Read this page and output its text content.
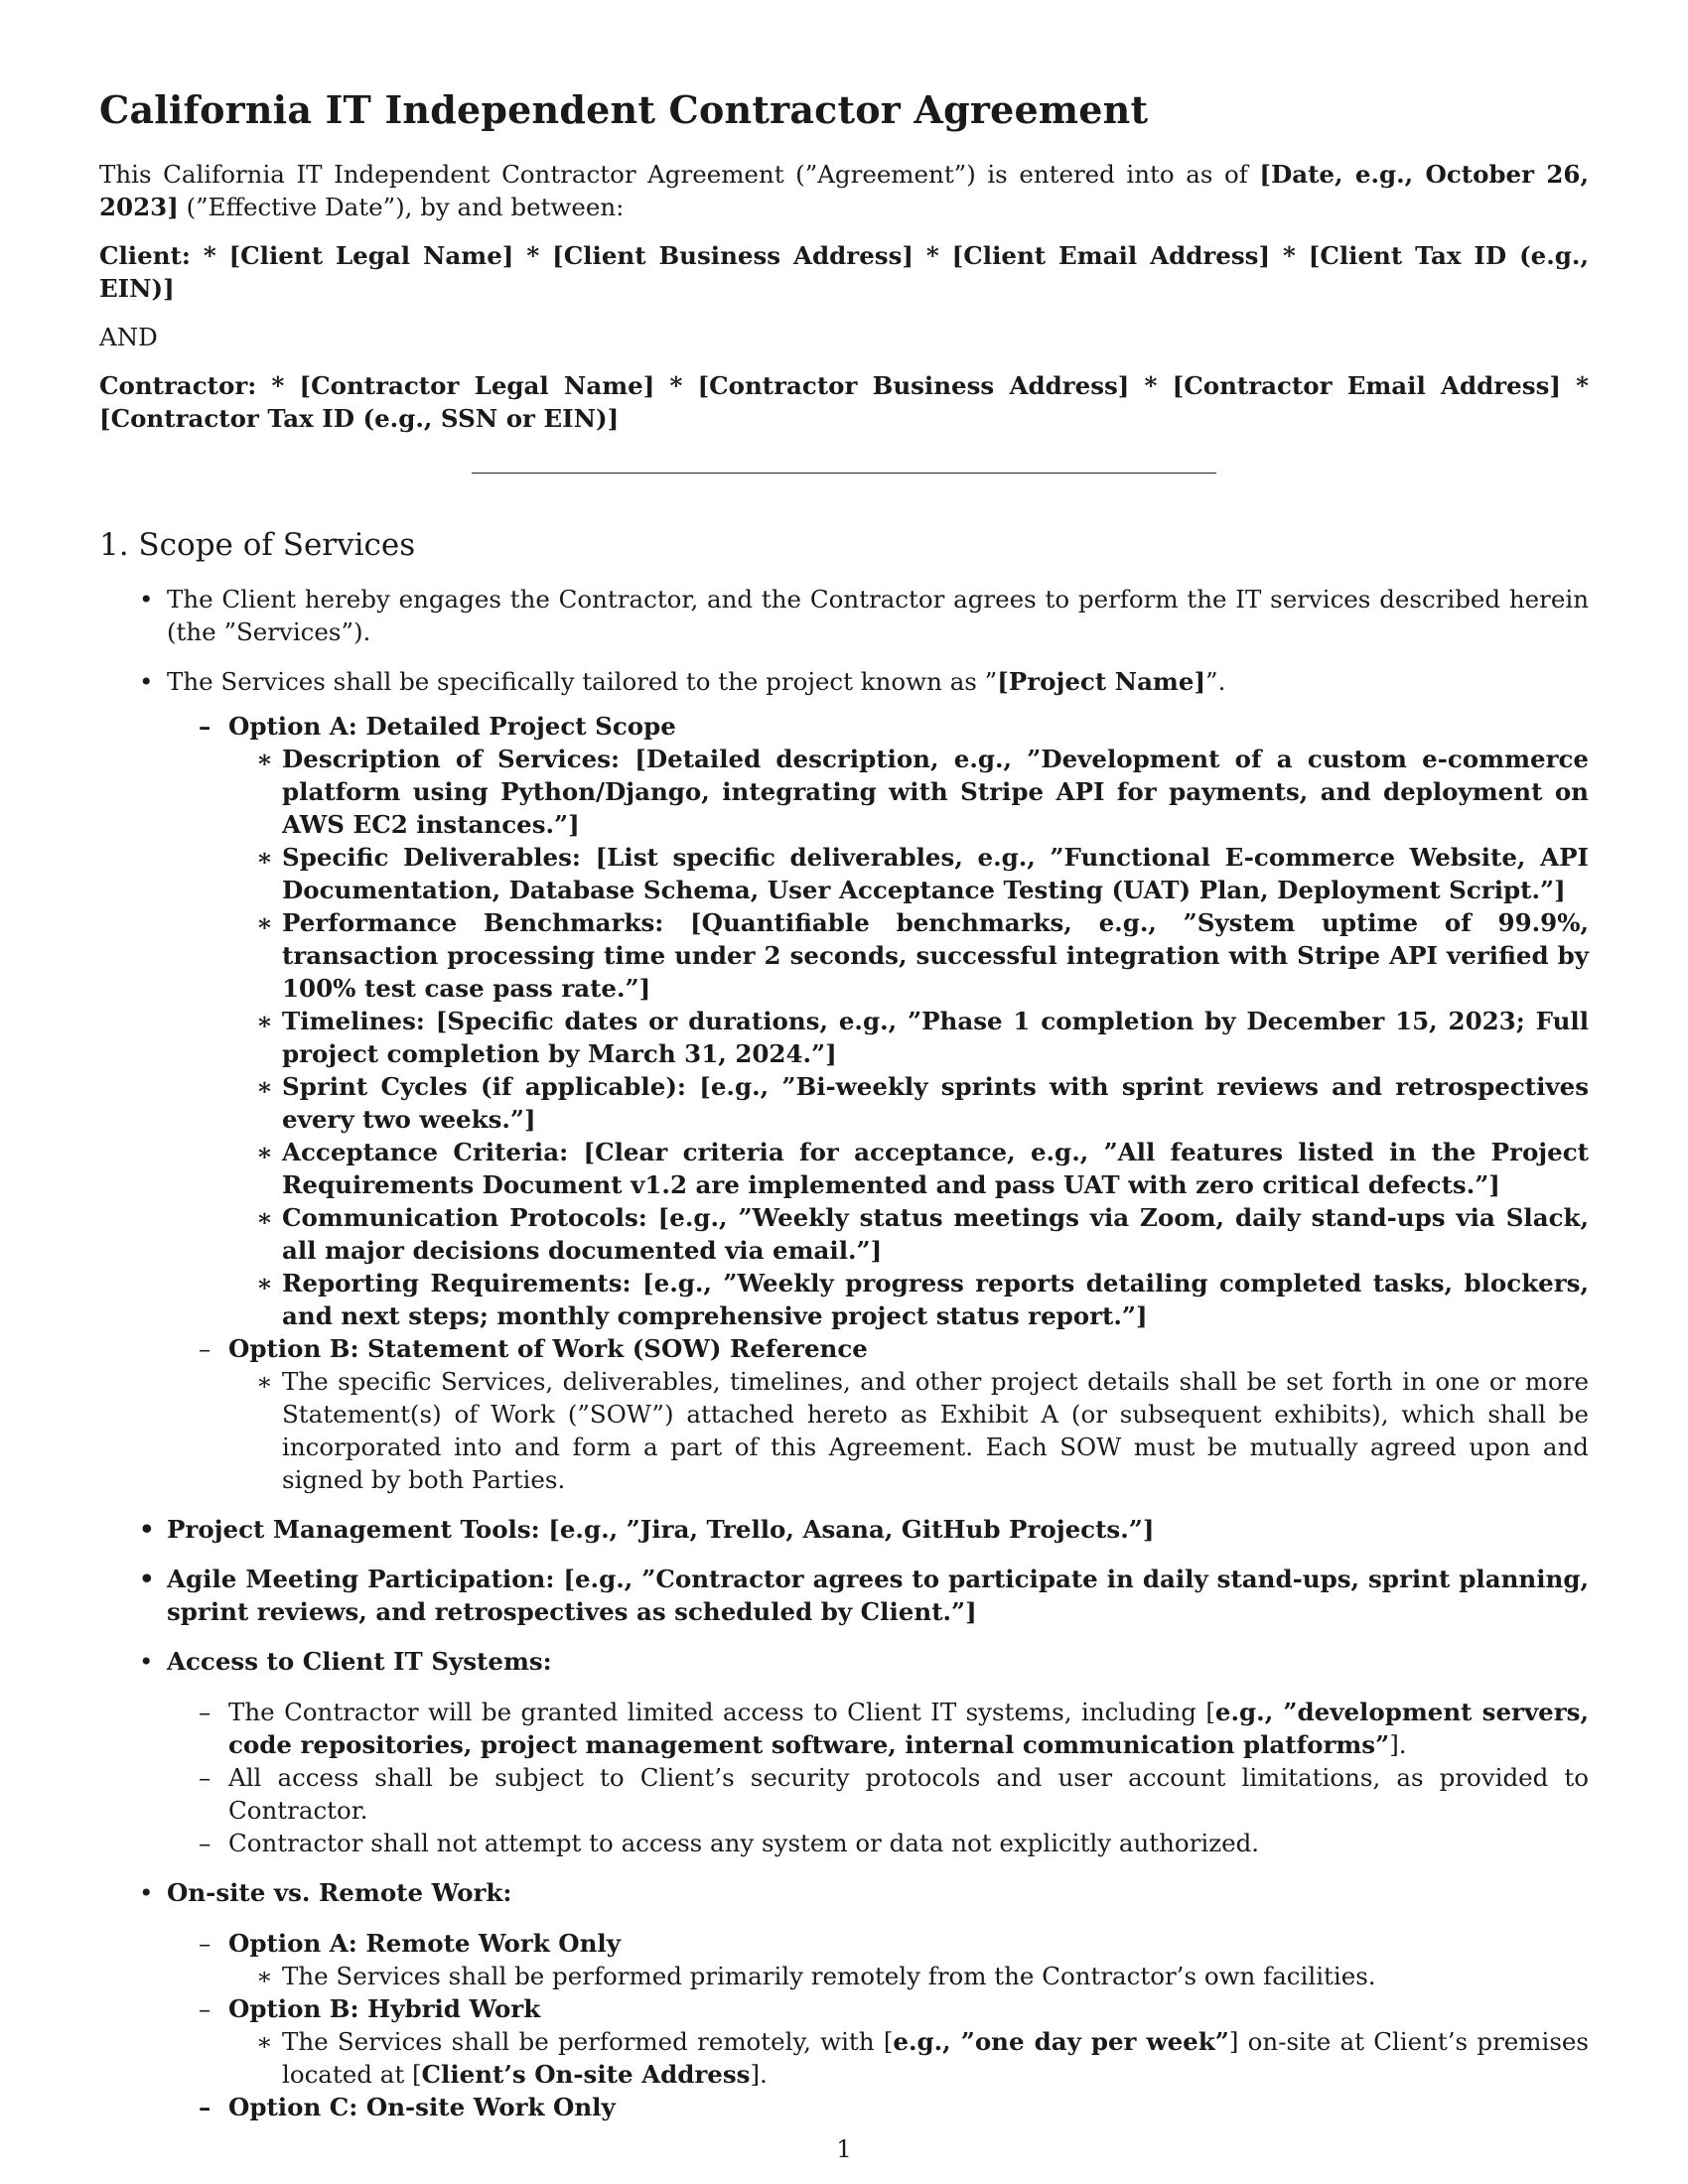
California IT Independent Contractor Agreement

This California IT Independent Contractor Agreement (”Agreement”) is entered into as of [Date, e.g., October 26, 2023] (”Effective Date”), by and between:

Client: * [Client Legal Name] * [Client Business Address] * [Client Email Address] * [Client Tax ID (e.g., EIN)]

AND

Contractor: * [Contractor Legal Name] * [Contractor Business Address] * [Contractor Email Address] * [Contractor Tax ID (e.g., SSN or EIN)]

1. Scope of Services
• The Client hereby engages the Contractor, and the Contractor agrees to perform the IT services described herein (the ”Services”).
• The Services shall be specifically tailored to the project known as ”[Project Name]”.
– Option A: Detailed Project Scope
∗ Description of Services: [Detailed description, e.g., ”Development of a custom e-commerce platform using Python/Django, integrating with Stripe API for payments, and deployment on AWS EC2 instances.”]
∗ Specific Deliverables: [List specific deliverables, e.g., ”Functional E-commerce Website, API Documentation, Database Schema, User Acceptance Testing (UAT) Plan, Deployment Script.”]
∗ Performance Benchmarks: [Quantifiable benchmarks, e.g., ”System uptime of 99.9%, transaction processing time under 2 seconds, successful integration with Stripe API verified by 100% test case pass rate.”]
∗ Timelines: [Specific dates or durations, e.g., ”Phase 1 completion by December 15, 2023; Full project completion by March 31, 2024.”]
∗ Sprint Cycles (if applicable): [e.g., ”Bi-weekly sprints with sprint reviews and retrospectives every two weeks.”]
∗ Acceptance Criteria: [Clear criteria for acceptance, e.g., ”All features listed in the Project Requirements Document v1.2 are implemented and pass UAT with zero critical defects.”]
∗ Communication Protocols: [e.g., ”Weekly status meetings via Zoom, daily stand-ups via Slack, all major decisions documented via email.”]
∗ Reporting Requirements: [e.g., ”Weekly progress reports detailing completed tasks, blockers, and next steps; monthly comprehensive project status report.”]
– Option B: Statement of Work (SOW) Reference
∗ The specific Services, deliverables, timelines, and other project details shall be set forth in one or more Statement(s) of Work (”SOW”) attached hereto as Exhibit A (or subsequent exhibits), which shall be incorporated into and form a part of this Agreement. Each SOW must be mutually agreed upon and signed by both Parties.
• Project Management Tools: [e.g., ”Jira, Trello, Asana, GitHub Projects.”]
• Agile Meeting Participation: [e.g., ”Contractor agrees to participate in daily stand-ups, sprint planning, sprint reviews, and retrospectives as scheduled by Client.”]
• Access to Client IT Systems:
– The Contractor will be granted limited access to Client IT systems, including [e.g., ”development servers, code repositories, project management software, internal communication platforms”].
– All access shall be subject to Client’s security protocols and user account limitations, as provided to Contractor.
– Contractor shall not attempt to access any system or data not explicitly authorized.
• On-site vs. Remote Work:
– Option A: Remote Work Only
∗ The Services shall be performed primarily remotely from the Contractor’s own facilities.
– Option B: Hybrid Work
∗ The Services shall be performed remotely, with [e.g., ”one day per week”] on-site at Client’s premises located at [Client’s On-site Address].
– Option C: On-site Work Only
1
